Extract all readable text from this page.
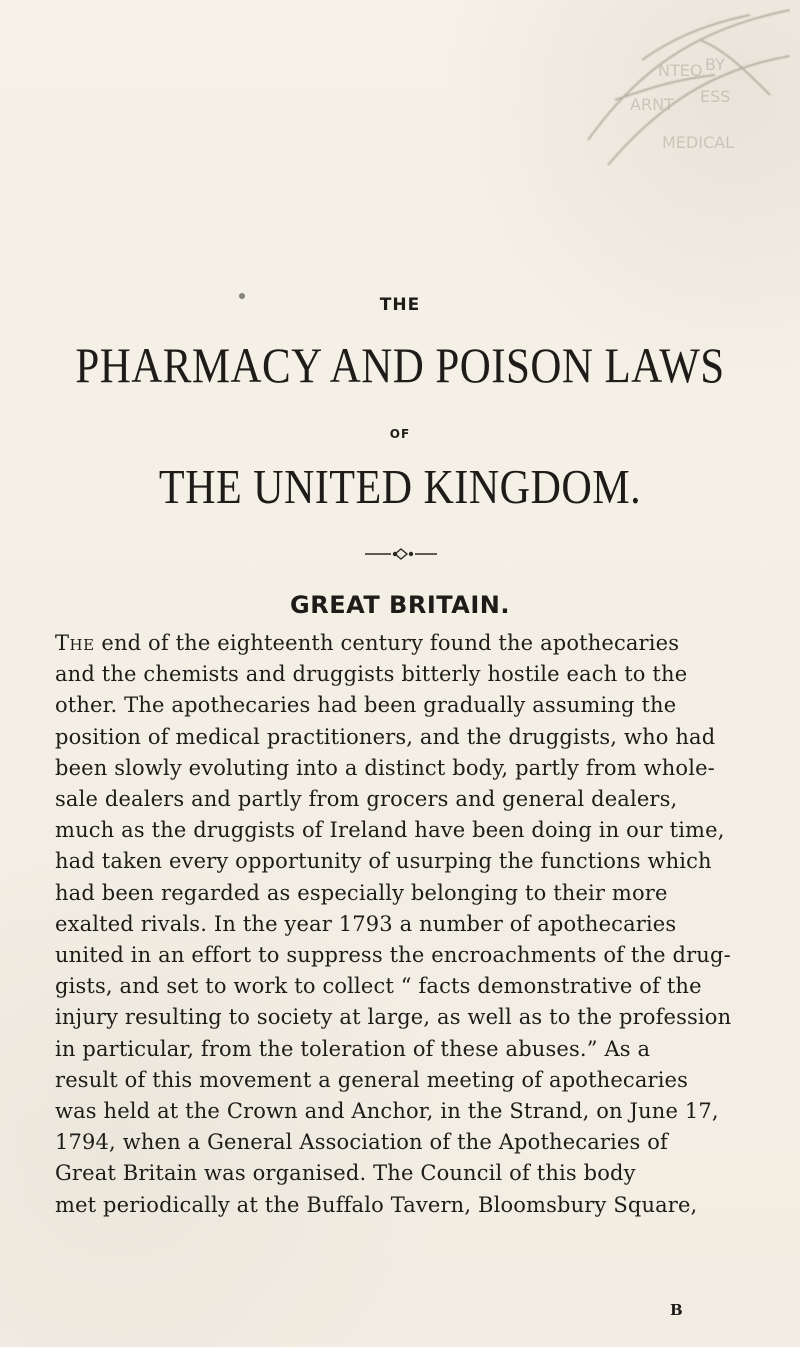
NTEO BY
ARNT ESS
MEDICAL
THE
PHARMACY AND POISON LAWS
OF
THE UNITED KINGDOM.
GREAT BRITAIN.
The end of the eighteenth century found the apothecaries
and the chemists and druggists bitterly hostile each to the
other. The apothecaries had been gradually assuming the
position of medical practitioners, and the druggists, who had
been slowly evoluting into a distinct body, partly from whole-
sale dealers and partly from grocers and general dealers,
much as the druggists of Ireland have been doing in our time,
had taken every opportunity of usurping the functions which
had been regarded as especially belonging to their more
exalted rivals. In the year 1793 a number of apothecaries
united in an effort to suppress the encroachments of the drug-
gists, and set to work to collect “ facts demonstrative of the
injury resulting to society at large, as well as to the profession
in particular, from the toleration of these abuses.” As a
result of this movement a general meeting of apothecaries
was held at the Crown and Anchor, in the Strand, on June 17,
1794, when a General Association of the Apothecaries of
Great Britain was organised. The Council of this body
met periodically at the Buffalo Tavern, Bloomsbury Square,
B
